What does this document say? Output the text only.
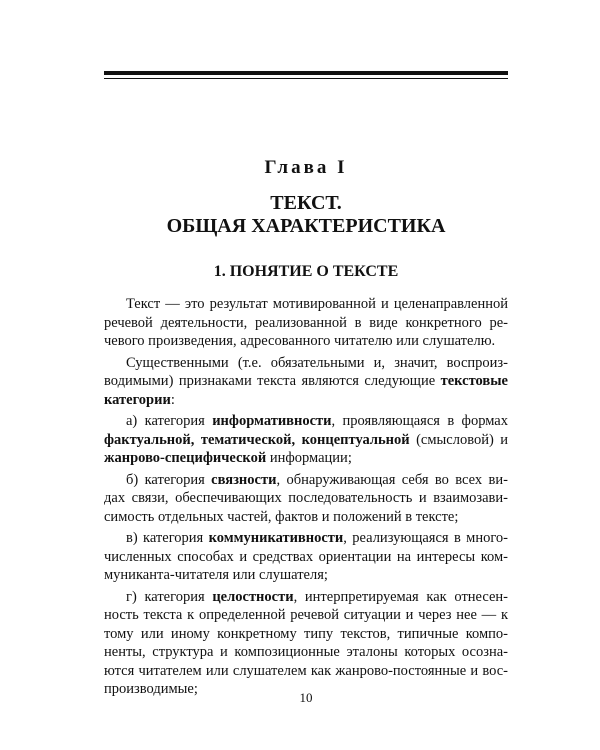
Глава I
ТЕКСТ.
ОБЩАЯ ХАРАКТЕРИСТИКА
1. ПОНЯТИЕ О ТЕКСТЕ

Текст — это результат мотивированной и целенаправленной
речевой деятельности, реализованной в виде конкретного ре-
чевого произведения, адресованного читателю или слушателю.

Существенными (т.е. обязательными и, значит, воспроиз-
водимыми) признаками текста являются следующие текстовые
категории:

а) категория информативности, проявляющаяся в формах
фактуальной, тематической, концептуальной (смысловой) и
жанрово-специфической информации;

б) категория связности, обнаруживающая себя во всех ви-
дах связи, обеспечивающих последовательность и взаимозави-
симость отдельных частей, фактов и положений в тексте;

в) категория коммуникативности, реализующаяся в много-
численных способах и средствах ориентации на интересы ком-
муниканта-читателя или слушателя;

г) категория целостности, интерпретируемая как отнесен-
ность текста к определенной речевой ситуации и через нее — к
тому или иному конкретному типу текстов, типичные компо-
ненты, структура и композиционные эталоны которых осозна-
ются читателем или слушателем как жанрово-постоянные и вос-
производимые;

10
